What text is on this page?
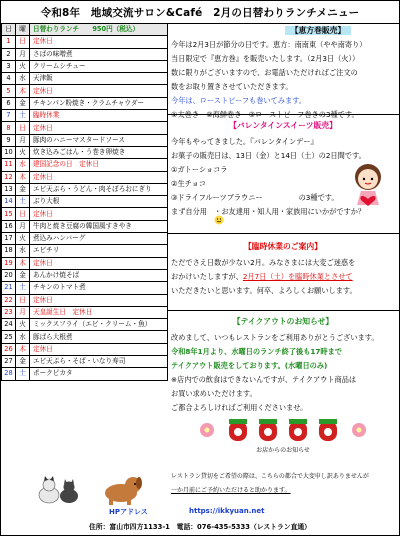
令和8年　地域交流サロン&Café　2月の日替わりランチメニュー
日	曜	日替わりランチ　　950円（税込）
1	日	定休日
2	月	さばの味噌煮
3	火	クリームシチュー
4	水	天津飯
5	木	定休日
6	金	チキンパン粉焼き・クラムチャウダー
7	土	臨時休業
8	日	定休日
9	月	豚肉のハニーマスタードソース
10	火	炊き込みごはん・う巻き卵焼き
11	水	建国記念の日　定休日
12	木	定休日
13	金	エビ天ぷら・うどん・肉そぼろおにぎり
14	土	ぶり大根
15	日	定休日
16	月	牛肉と焼き豆腐の韓国風すきやき
17	火	煮込みハンバーグ
18	水	エビチリ
19	木	定休日
20	金	あんかけ焼そば
21	土	チキンのトマト煮
22	日	定休日
23	月	天皇誕生日　定休日
24	火	ミックスフライ（エビ・クリーム・魚）
25	水	豚ばら大根煮
26	木	定休日
27	金	エビ天ぷら・そば・いなり寿司
28	土	ポークピカタ
【恵方巻販売】

今年は2月3日が節分の日です。恵方：南南東（やや南寄り）

当日限定で『恵方巻』を販売いたします。（2月3日（火））

数に限りがございますので、お電話いただければご注文の

数をお取り置きさせていただきます。

今年は、ローストビーフも巻いてみます。

①太巻き　②海鮮巻き　③ローストビーフ巻きの3種です。

【バレンタインスイーツ販売】

今年もやってきました。『バレンタインデー』

お菓子の販売日は、13日（金）と14日（土）の2日間です。

①ガトーショコラ

②生チョコ

③ドライフルーツブラウニー　　　　　の3種です。

まず自分用　・お友達用・知人用・家族用にいかがですか？

【臨時休業のご案内】

ただでさえ日数が少ない2月。みなさまには大変ご迷惑を

おかけいたしますが、2月7日（土）を臨時休業とさせて

いただきたいと思います。何卒、よろしくお願いします。

【テイクアウトのお知らせ】

改めまして、いつもレストランをご利用ありがとうございます。

令和8年1月より、水曜日のランチ終了後も17時まで

テイクアウト販売をしております。(水曜日のみ)

※店内での飲食はできないんですが、テイクアウト商品は

お買い求めいただけます。

ご都合よろしければご利用くださいませ。

お店からのお知らせ
レストラン貸切をご希望の際は、こちらの都合で大変申し訳ありませんが
一か月前にご予約いただけると助かります。
HPアドレス	https://ikkyuan.net
住所：富山市四方1133-1　電話：076-435-5333（レストラン直通）
